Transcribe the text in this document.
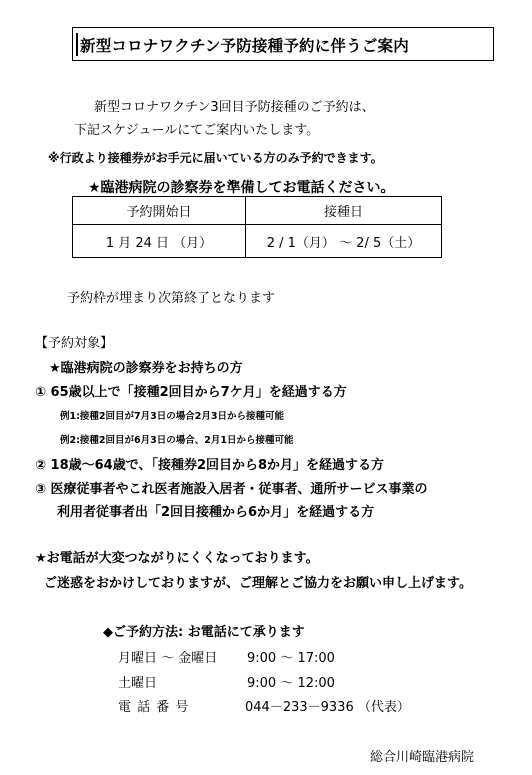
新型コロナワクチン予防接種予約に伴うご案内
新型コロナワクチン3回目予防接種のご予約は、
下記スケジュールにてご案内いたします。
※行政より接種券がお手元に届いている方のみ予約できます。
★臨港病院の診察券を準備してお電話ください。
予約開始日	接種日
1 月 24 日 （月）	2 / 1（月） ～ 2/ 5（土）
予約枠が埋まり次第終了となります
【予約対象】
★臨港病院の診察券をお持ちの方
① 65歳以上で「接種2回目から7ケ月」を経過する方
例1:接種2回目が7月3日の場合2月3日から接種可能
例2:接種2回目が6月3日の場合、2月1日から接種可能
② 18歳～64歳で、「接種券2回目から8か月」を経過する方
③ 医療従事者やこれ医者施設入居者・従事者、通所サービス事業の
利用者従事者出「2回目接種から6か月」を経過する方
★お電話が大変つながりにくくなっております。
ご迷惑をおかけしておりますが、ご理解とご協力をお願い申し上げます。
◆ご予約方法: お電話にて承ります
月曜日 ～ 金曜日 9:00 ～ 17:00
土曜日	9:00 ～ 12:00
電 話 番 号	044－233－9336 （代表）
総合川崎臨港病院
